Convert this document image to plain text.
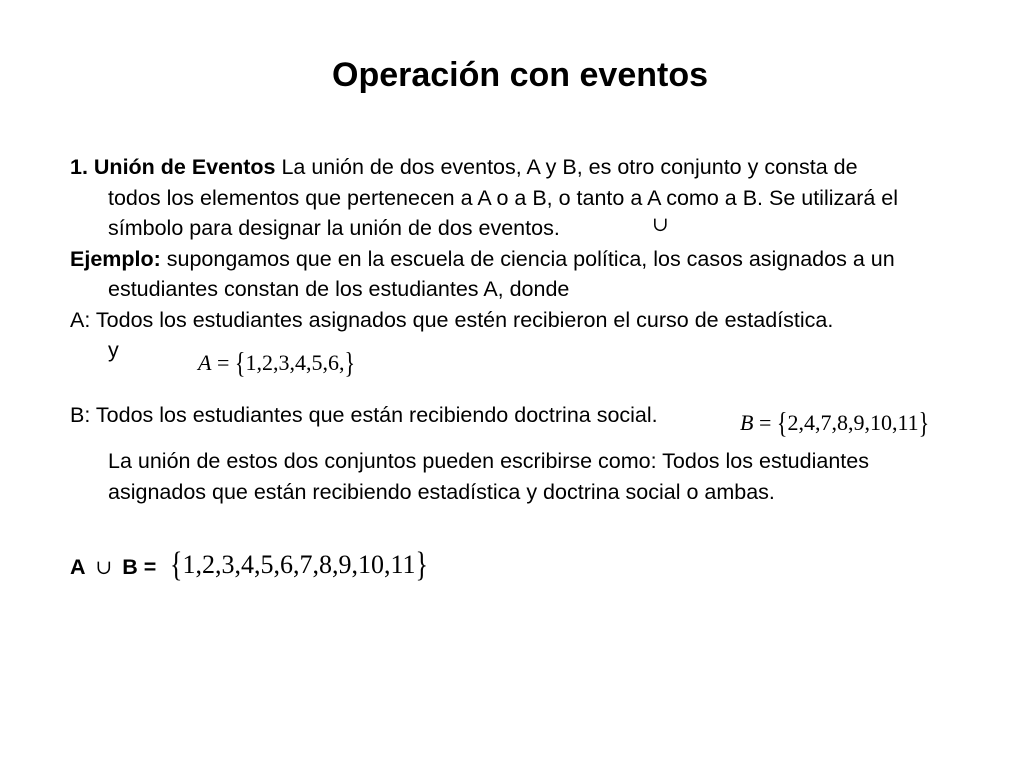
Operación con eventos

1. Unión de Eventos La unión de dos eventos, A y B, es otro conjunto y consta de
todos los elementos que pertenecen a A o a B, o tanto a A como a B. Se utilizará el
símbolo para designar la unión de dos eventos.

Ejemplo: supongamos que en la escuela de ciencia política, los casos asignados a un
estudiantes constan de los estudiantes A, donde

A: Todos los estudiantes asignados que estén recibieron el curso de estadística.
y

B: Todos los estudiantes que están recibiendo doctrina social.

La unión de estos dos conjuntos pueden escribirse como: Todos los estudiantes
asignados que están recibiendo estadística y doctrina social o ambas.

∪
A = {1,2,3,4,5,6,}
B = {2,4,7,8,9,10,11}
A ∪ B = {1,2,3,4,5,6,7,8,9,10,11}
